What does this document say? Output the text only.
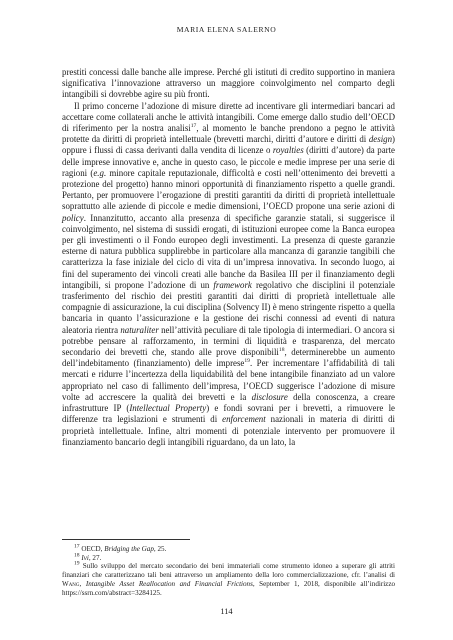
MARIA ELENA SALERNO

prestiti concessi dalle banche alle imprese. Perché gli istituti di credito supportino in maniera significativa l’innovazione attraverso un maggiore coinvolgimento nel comparto degli intangibili si dovrebbe agire su più fronti.

Il primo concerne l’adozione di misure dirette ad incentivare gli intermediari bancari ad accettare come collaterali anche le attività intangibili. Come emerge dallo studio dell’OECD di riferimento per la nostra analisi$^{17}$, al momento le banche prendono a pegno le attività protette da diritti di proprietà intellettuale (brevetti marchi, diritti d’autore e diritti di design) oppure i flussi di cassa derivanti dalla vendita di licenze o royalties (diritti d’autore) da parte delle imprese innovative e, anche in questo caso, le piccole e medie imprese per una serie di ragioni (e.g. minore capitale reputazionale, difficoltà e costi nell’ottenimento dei brevetti a protezione del progetto) hanno minori opportunità di finanziamento rispetto a quelle grandi. Pertanto, per promuovere l’erogazione di prestiti garantiti da diritti di proprietà intellettuale soprattutto alle aziende di piccole e medie dimensioni, l’OECD propone una serie azioni di policy. Innanzitutto, accanto alla presenza di specifiche garanzie statali, si suggerisce il coinvolgimento, nel sistema di sussidi erogati, di istituzioni europee come la Banca europea per gli investimenti o il Fondo europeo degli investimenti. La presenza di queste garanzie esterne di natura pubblica supplirebbe in particolare alla mancanza di garanzie tangibili che caratterizza la fase iniziale del ciclo di vita di un’impresa innovativa. In secondo luogo, ai fini del superamento dei vincoli creati alle banche da Basilea III per il finanziamento degli intangibili, si propone l’adozione di un framework regolativo che disciplini il potenziale trasferimento del rischio dei prestiti garantiti dai diritti di proprietà intellettuale alle compagnie di assicurazione, la cui disciplina (Solvency II) è meno stringente rispetto a quella bancaria in quanto l’assicurazione e la gestione dei rischi connessi ad eventi di natura aleatoria rientra naturaliter nell’attività peculiare di tale tipologia di intermediari. O ancora si potrebbe pensare al rafforzamento, in termini di liquidità e trasparenza, del mercato secondario dei brevetti che, stando alle prove disponibili$^{18}$, determinerebbe un aumento dell’indebitamento (finanziamento) delle imprese$^{19}$. Per incrementare l’affidabilità di tali mercati e ridurre l’incertezza della liquidabilità del bene intangibile finanziato ad un valore appropriato nel caso di fallimento dell’impresa, l’OECD suggerisce l’adozione di misure volte ad accrescere la qualità dei brevetti e la disclosure della conoscenza, a creare infrastrutture IP (Intellectual Property) e fondi sovrani per i brevetti, a rimuovere le differenze tra legislazioni e strumenti di enforcement nazionali in materia di diritti di proprietà intellettuale. Infine, altri momenti di potenziale intervento per promuovere il finanziamento bancario degli intangibili riguardano, da un lato, la

$^{17}$ OECD, Bridging the Gap, 25.

$^{18}$ Ivi, 27.

$^{19}$ Sullo sviluppo del mercato secondario dei beni immateriali come strumento idoneo a superare gli attriti finanziari che caratterizzano tali beni attraverso un ampliamento della loro commercializzazione, cfr. l’analisi di Wang, Intangible Asset Reallocation and Financial Frictions, September 1, 2018, disponibile all’indirizzo https://ssrn.com/abstract=3284125.

114
